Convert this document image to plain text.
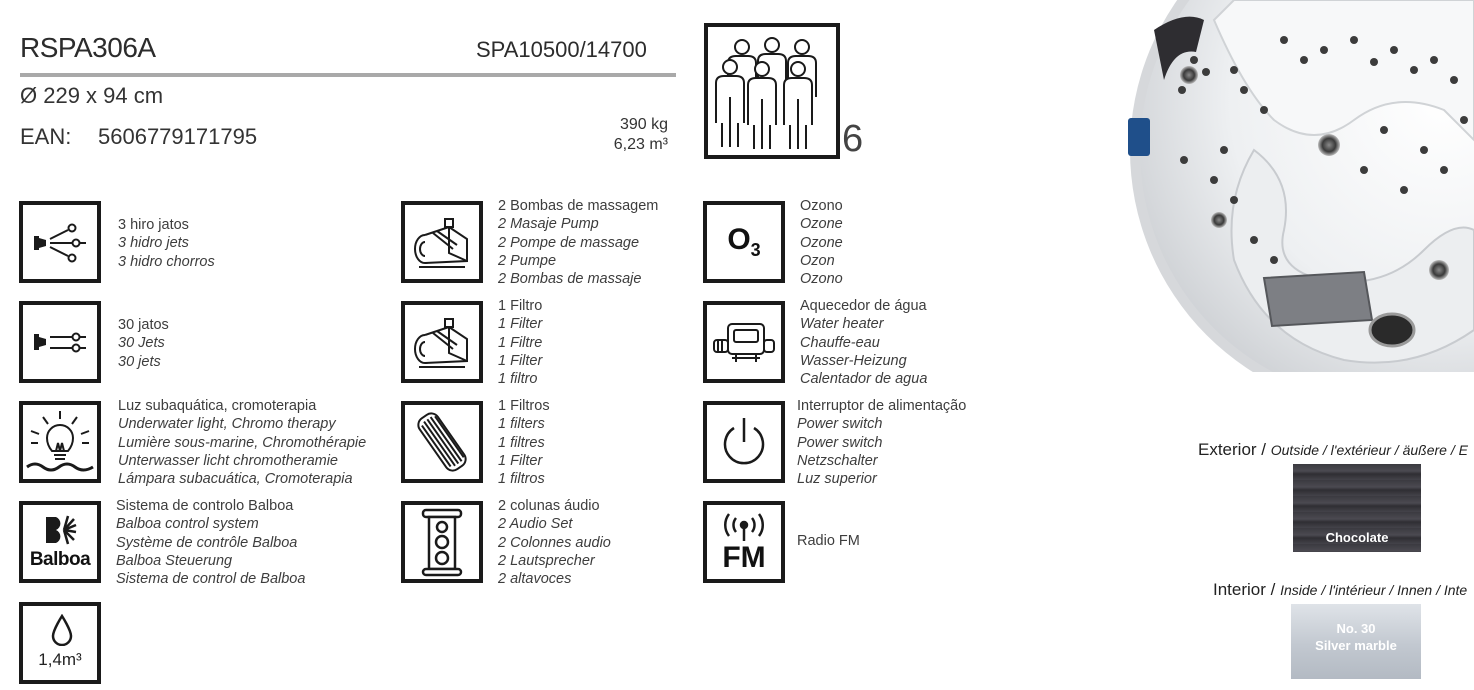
RSPA306A	SPA10500/14700
Ø 229 x 94 cm
EAN: 5606779171795	390 kg
6,23 m³	6
3 hiro jatos
3 hidro jets
3 hidro chorros
30 jatos
30 Jets
30 jets
Luz subaquática, cromoterapia
Underwater light, Chromo therapy
Lumière sous-marine, Chromothérapie
Unterwasser licht chromotheramie
Lámpara subacuática, Cromoterapia
Balboa
Sistema de controlo Balboa
Balboa control system
Système de contrôle Balboa
Balboa Steuerung
Sistema de control de Balboa
1,4m³
2 Bombas de massagem
2 Masaje Pump
2 Pompe de massage
2 Pumpe
2 Bombas de massaje
1 Filtro
1 Filter
1 Filtre
1 Filter
1 filtro
1 Filtros
1 filters
1 filtres
1 Filter
1 filtros
2 colunas áudio
2 Audio Set
2 Colonnes audio
2 Lautsprecher
2 altavoces
$O_3$
Ozono
Ozone
Ozone
Ozon
Ozono
Aquecedor de água
Water heater
Chauffe-eau
Wasser-Heizung
Calentador de agua
Interruptor de alimentação
Power switch
Power switch
Netzschalter
Luz superior
FM Radio FM
Exterior / Outside / l'extérieur / äußere / E
Chocolate
Interior / Inside / l'intérieur / Innen / Inte
No. 30
Silver marble
